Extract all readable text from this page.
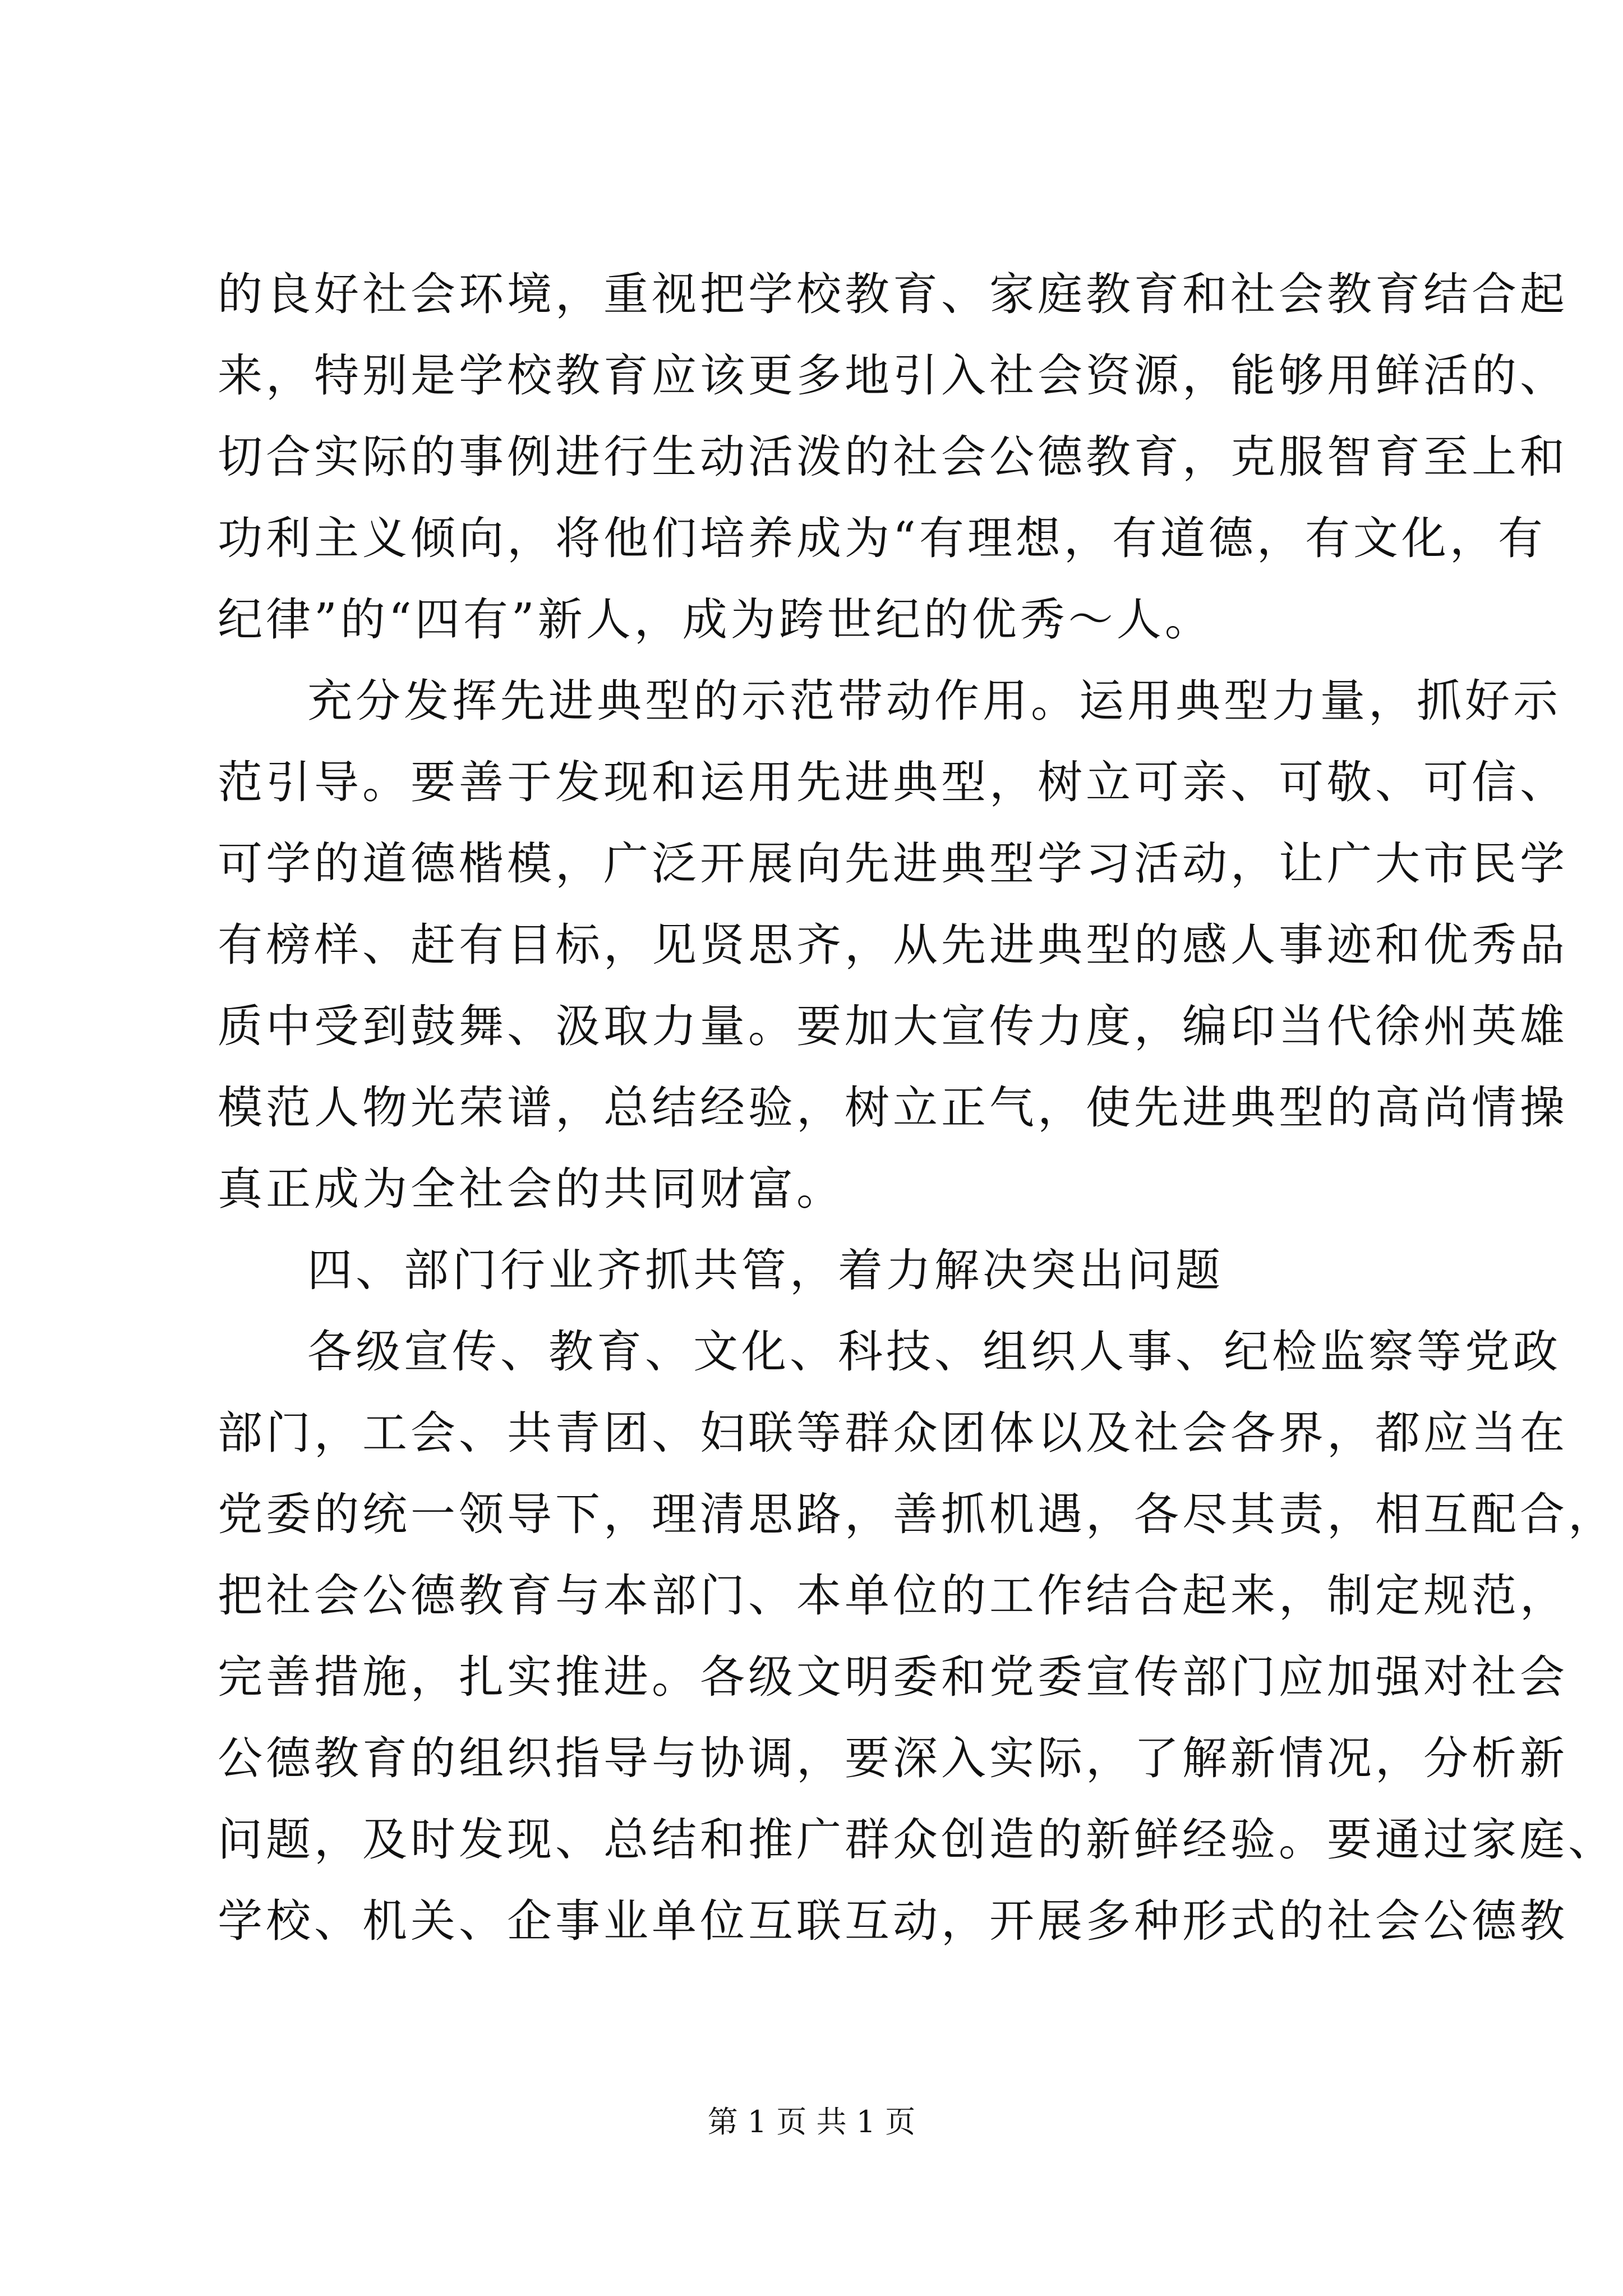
的良好社会环境，重视把学校教育、家庭教育和社会教育结合起
来，特别是学校教育应该更多地引入社会资源，能够用鲜活的、
切合实际的事例进行生动活泼的社会公德教育，克服智育至上和
功利主义倾向，将他们培养成为“有理想，有道德，有文化，有
纪律”的“四有”新人，成为跨世纪的优秀～人。
充分发挥先进典型的示范带动作用。运用典型力量，抓好示
范引导。要善于发现和运用先进典型，树立可亲、可敬、可信、
可学的道德楷模，广泛开展向先进典型学习活动，让广大市民学
有榜样、赶有目标，见贤思齐，从先进典型的感人事迹和优秀品
质中受到鼓舞、汲取力量。要加大宣传力度，编印当代徐州英雄
模范人物光荣谱，总结经验，树立正气，使先进典型的高尚情操
真正成为全社会的共同财富。
四、部门行业齐抓共管，着力解决突出问题
各级宣传、教育、文化、科技、组织人事、纪检监察等党政
部门，工会、共青团、妇联等群众团体以及社会各界，都应当在
党委的统一领导下，理清思路，善抓机遇，各尽其责，相互配合，
把社会公德教育与本部门、本单位的工作结合起来，制定规范，
完善措施，扎实推进。各级文明委和党委宣传部门应加强对社会
公德教育的组织指导与协调，要深入实际，了解新情况，分析新
问题，及时发现、总结和推广群众创造的新鲜经验。要通过家庭、
学校、机关、企事业单位互联互动，开展多种形式的社会公德教
第 1 页 共 1 页
